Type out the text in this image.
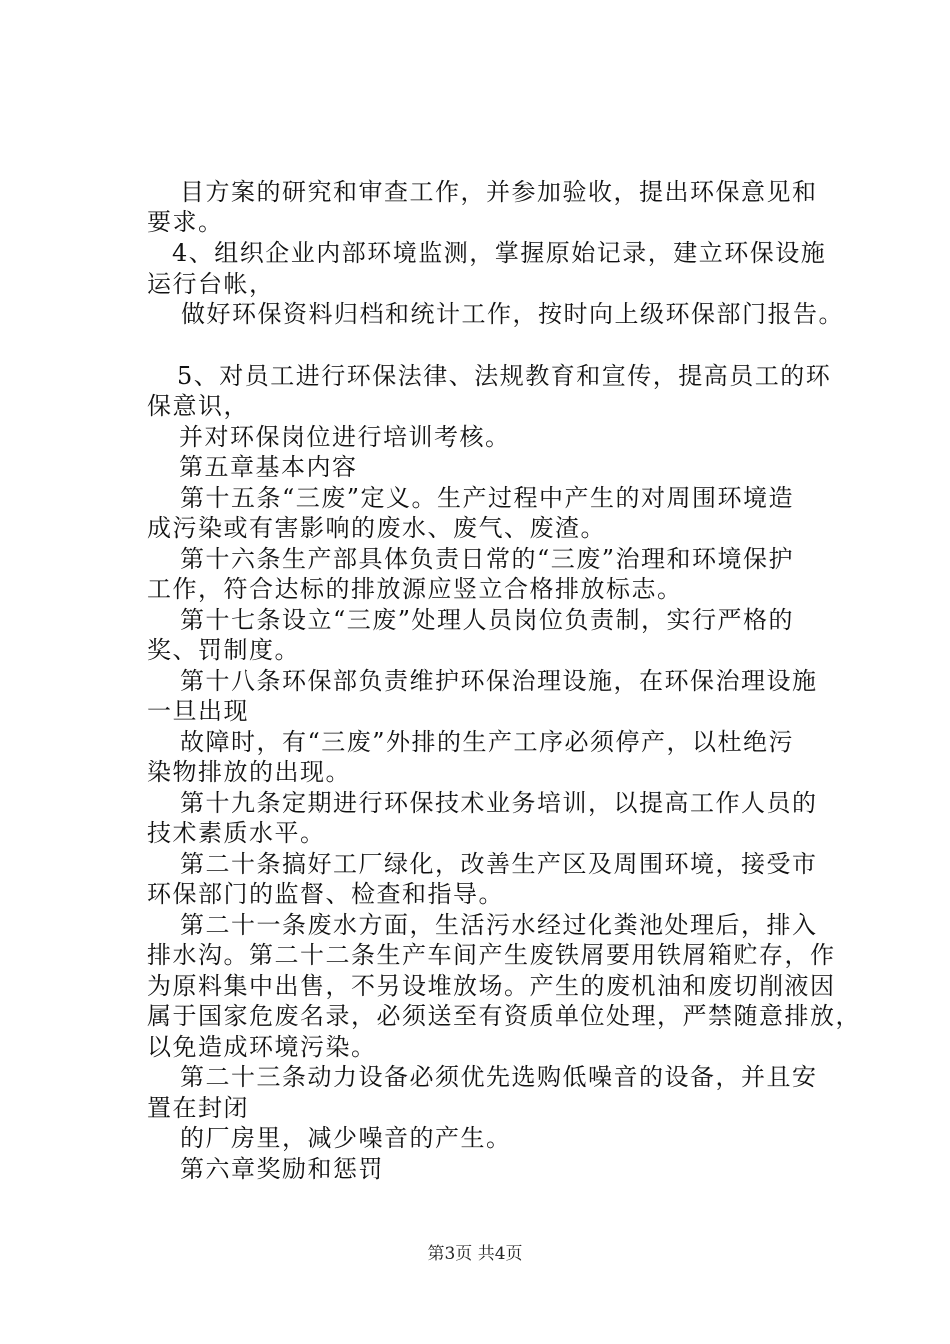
目方案的研究和审查工作，并参加验收，提出环保意见和
要求。
4、组织企业内部环境监测，掌握原始记录，建立环保设施
运行台帐，
做好环保资料归档和统计工作，按时向上级环保部门报告。
5、对员工进行环保法律、法规教育和宣传，提高员工的环
保意识，
并对环保岗位进行培训考核。
第五章基本内容
第十五条“三废”定义。生产过程中产生的对周围环境造
成污染或有害影响的废水、废气、废渣。
第十六条生产部具体负责日常的“三废”治理和环境保护
工作，符合达标的排放源应竖立合格排放标志。
第十七条设立“三废”处理人员岗位负责制，实行严格的
奖、罚制度。
第十八条环保部负责维护环保治理设施，在环保治理设施
一旦出现
故障时，有“三废”外排的生产工序必须停产，以杜绝污
染物排放的出现。
第十九条定期进行环保技术业务培训，以提高工作人员的
技术素质水平。
第二十条搞好工厂绿化，改善生产区及周围环境，接受市
环保部门的监督、检查和指导。
第二十一条废水方面，生活污水经过化粪池处理后，排入
排水沟。第二十二条生产车间产生废铁屑要用铁屑箱贮存，作
为原料集中出售，不另设堆放场。产生的废机油和废切削液因
属于国家危废名录，必须送至有资质单位处理，严禁随意排放，
以免造成环境污染。
第二十三条动力设备必须优先选购低噪音的设备，并且安
置在封闭
的厂房里，减少噪音的产生。
第六章奖励和惩罚
第3页 共4页
